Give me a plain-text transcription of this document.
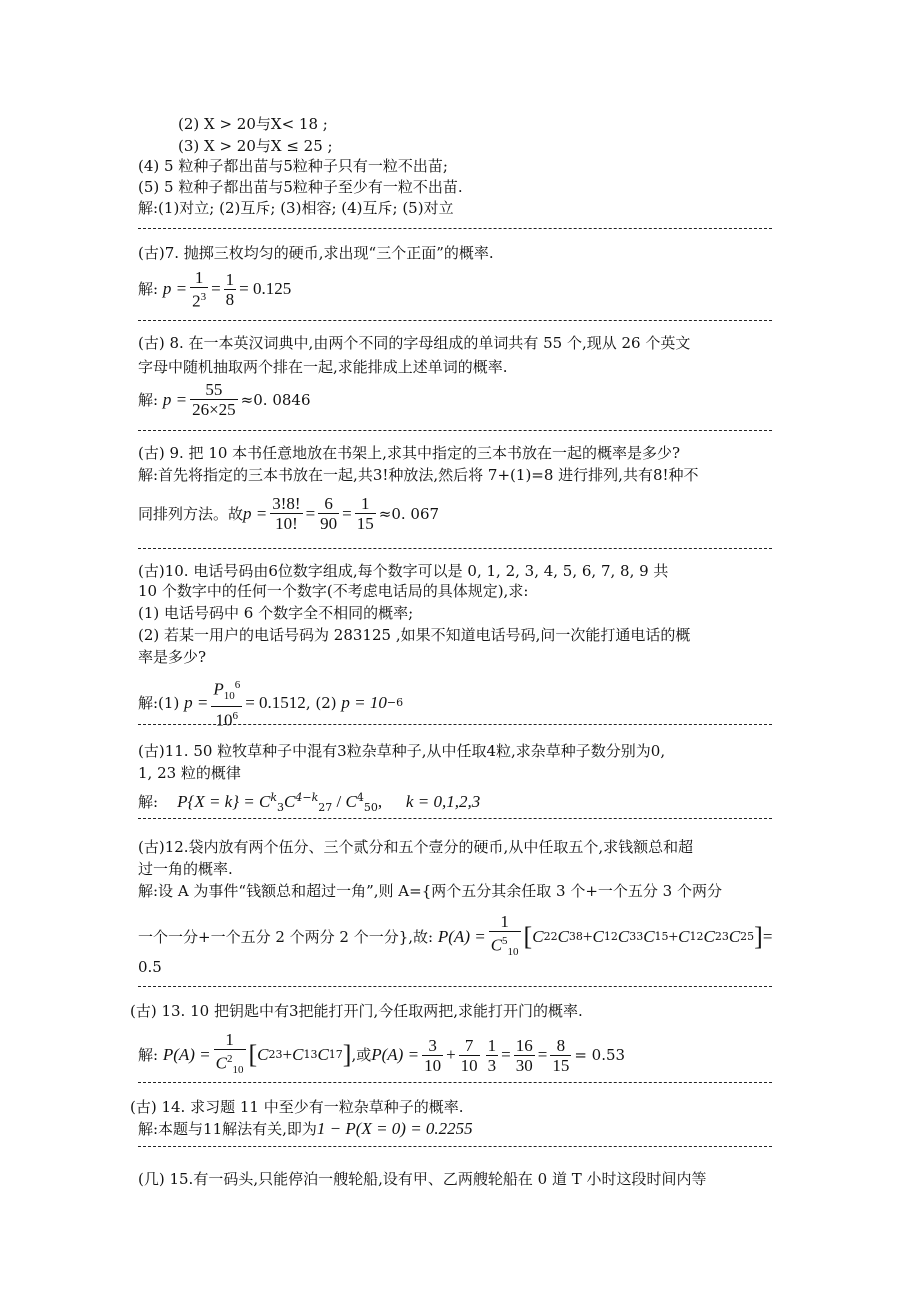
(2) X > 20与X< 18 ;
(3) X > 20与X ≤ 25 ;
(4) 5 粒种子都出苗与5粒种子只有一粒不出苗;
(5) 5 粒种子都出苗与5粒种子至少有一粒不出苗.
解:(1)对立; (2)互斥; (3)相容; (4)互斥; (5)对立
(古)7. 抛掷三枚均匀的硬币,求出现“三个正面”的概率.
解:
$p = \frac{1}{2^3} = \frac{1}{8} = 0.125$
(古) 8. 在一本英汉词典中,由两个不同的字母组成的单词共有 55 个,现从 26 个英文
字母中随机抽取两个排在一起,求能排成上述单词的概率.
解:
$p = \frac{55}{26\times 25} \approx 0$. 0846
(古) 9. 把 10 本书任意地放在书架上,求其中指定的三本书放在一起的概率是多少?
解:首先将指定的三本书放在一起,共3!种放法,然后将 7+(1)=8 进行排列,共有8!种不
同排列方法。故 $p = \frac{3!8!}{10!} = \frac{6}{90} = \frac{1}{15} \approx 0$. 067
(古)10. 电话号码由6位数字组成,每个数字可以是 0, 1, 2, 3, 4, 5, 6, 7, 8, 9 共
10 个数字中的任何一个数字(不考虑电话局的具体规定),求:
(1) 电话号码中 6 个数字全不相同的概率;
(2) 若某一用户的电话号码为 283125 ,如果不知道电话号码,问一次能打通电话的概
率是多少?
解:(1)
$p = \frac{P_{10}^6}{10^6} = 0.1512$ , (2)
p = 10 −6
(古)11. 50 粒牧草种子中混有3粒杂草种子,从中任取4粒,求杂草种子数分别为0,
1, 23 粒的概律
解: $P\{X = k\} = C^k_3C^{4-k}_{27} / C^4_{50}$, k = 0,1,2,3
(古)12.袋内放有两个伍分、三个贰分和五个壹分的硬币,从中任取五个,求钱额总和超
过一角的概率.
解:设 A 为事件“钱额总和超过一角”,则 A={两个五分其余任取 3 个+一个五分 3 个两分
一个一分+一个五分 2 个两分 2 个一分},故:
$P(A) = \frac{1}{C^5_{10}}$ [ C 2 2 C 3 8 + C 1 2 C 3 3 C 1 5 + C 1 2 C 2 3 C 2 5 ] =
0.5
(古) 13. 10 把钥匙中有3把能打开门,今任取两把,求能打开门的概率.
解:
$P(A) = \frac{1}{C^2_{10}}$ [ C 2 3 + C 1 3 C 1 7 ] ,或 $P(A) = \frac{3}{10} + \frac{7}{10} \frac{1}{3} = \frac{16}{30} = \frac{8}{15} = 0.53$
(古) 14. 求习题 11 中至少有一粒杂草种子的概率.
解:本题与11解法有关,即为1 − P(X = 0) = 0.2255
(几) 15.有一码头,只能停泊一艘轮船,设有甲、乙两艘轮船在 0 道 T 小时这段时间内等
